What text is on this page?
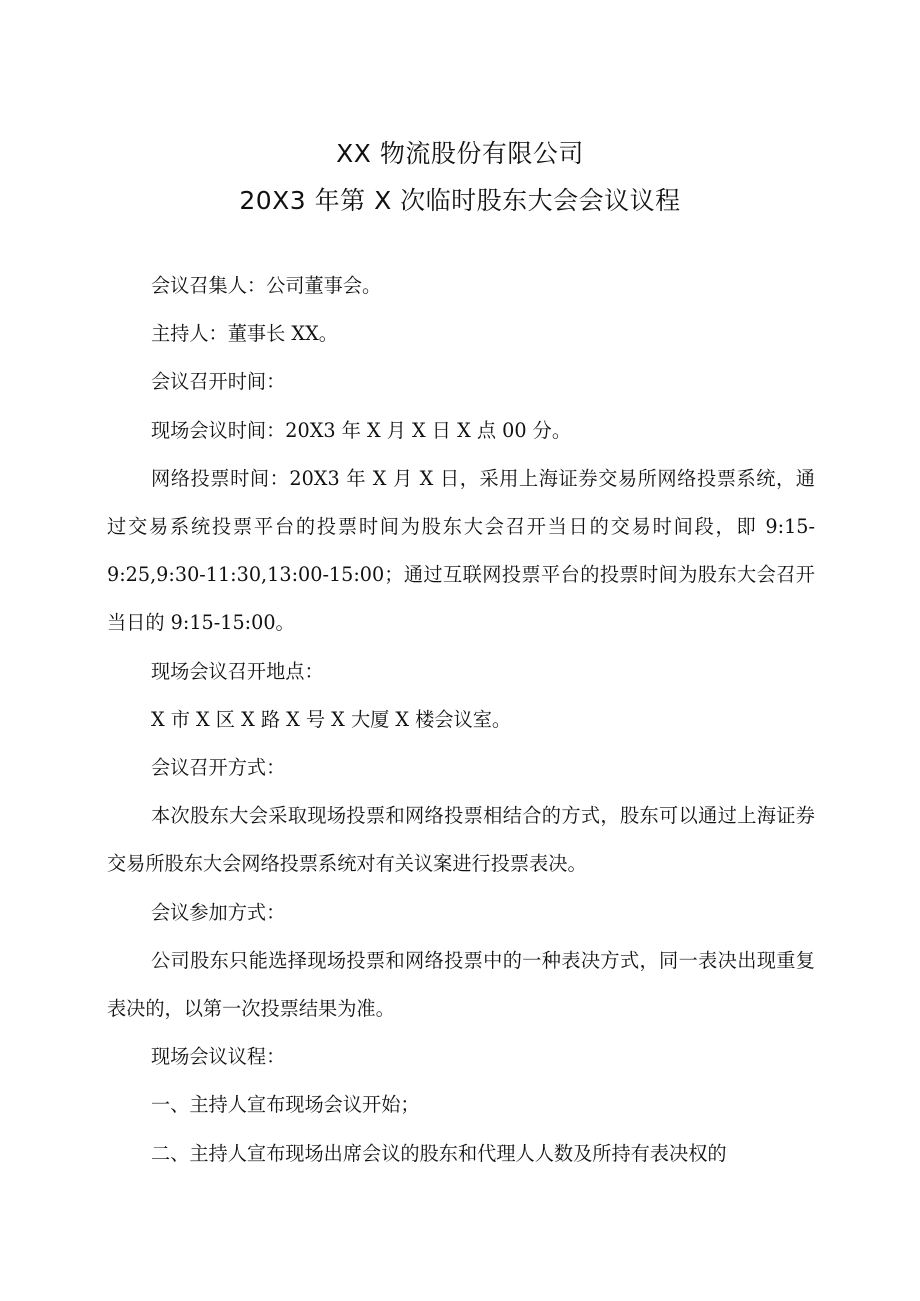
XX 物流股份有限公司
20X3 年第 X 次临时股东大会会议议程

会议召集人：公司董事会。

主持人：董事长 XX。

会议召开时间：

现场会议时间：20X3 年 X 月 X 日 X 点 00 分。

网络投票时间：20X3 年 X 月 X 日，采用上海证券交易所网络投票系统，通过交易系统投票平台的投票时间为股东大会召开当日的交易时间段，即 9:15-9:25,9:30-11:30,13:00-15:00；通过互联网投票平台的投票时间为股东大会召开当日的 9:15-15:00。

现场会议召开地点：

X 市 X 区 X 路 X 号 X 大厦 X 楼会议室。

会议召开方式：

本次股东大会采取现场投票和网络投票相结合的方式，股东可以通过上海证券交易所股东大会网络投票系统对有关议案进行投票表决。

会议参加方式：

公司股东只能选择现场投票和网络投票中的一种表决方式，同一表决出现重复表决的，以第一次投票结果为准。

现场会议议程：

一、主持人宣布现场会议开始；

二、主持人宣布现场出席会议的股东和代理人人数及所持有表决权的
